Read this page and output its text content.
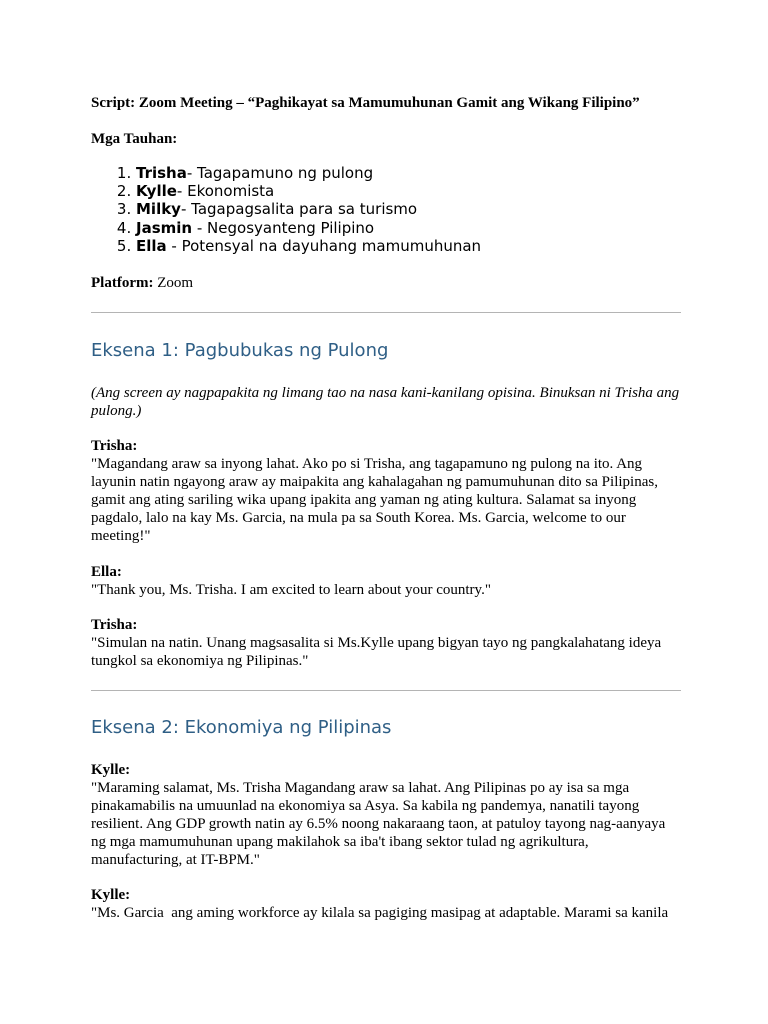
Script: Zoom Meeting – “Paghikayat sa Mamumuhunan Gamit ang Wikang Filipino”

Mga Tauhan:

1. Trisha- Tagapamuno ng pulong
2. Kylle- Ekonomista
3. Milky- Tagapagsalita para sa turismo
4. Jasmin - Negosyanteng Pilipino
5. Ella - Potensyal na dayuhang mamumuhunan

Platform: Zoom

Eksena 1: Pagbubukas ng Pulong

(Ang screen ay nagpapakita ng limang tao na nasa kani-kanilang opisina. Binuksan ni Trisha ang pulong.)

Trisha:

"Magandang araw sa inyong lahat. Ako po si Trisha, ang tagapamuno ng pulong na ito. Ang layunin natin ngayong araw ay maipakita ang kahalagahan ng pamumuhunan dito sa Pilipinas, gamit ang ating sariling wika upang ipakita ang yaman ng ating kultura. Salamat sa inyong pagdalo, lalo na kay Ms. Garcia, na mula pa sa South Korea. Ms. Garcia, welcome to our meeting!"

Ella:

"Thank you, Ms. Trisha. I am excited to learn about your country."

Trisha:

"Simulan na natin. Unang magsasalita si Ms.Kylle upang bigyan tayo ng pangkalahatang ideya tungkol sa ekonomiya ng Pilipinas."

Eksena 2: Ekonomiya ng Pilipinas

Kylle:

"Maraming salamat, Ms. Trisha Magandang araw sa lahat. Ang Pilipinas po ay isa sa mga pinakamabilis na umuunlad na ekonomiya sa Asya. Sa kabila ng pandemya, nanatili tayong resilient. Ang GDP growth natin ay 6.5% noong nakaraang taon, at patuloy tayong nag-aanyaya ng mga mamumuhunan upang makilahok sa iba't ibang sektor tulad ng agrikultura, manufacturing, at IT-BPM."

Kylle:

"Ms. Garcia  ang aming workforce ay kilala sa pagiging masipag at adaptable. Marami sa kanila
